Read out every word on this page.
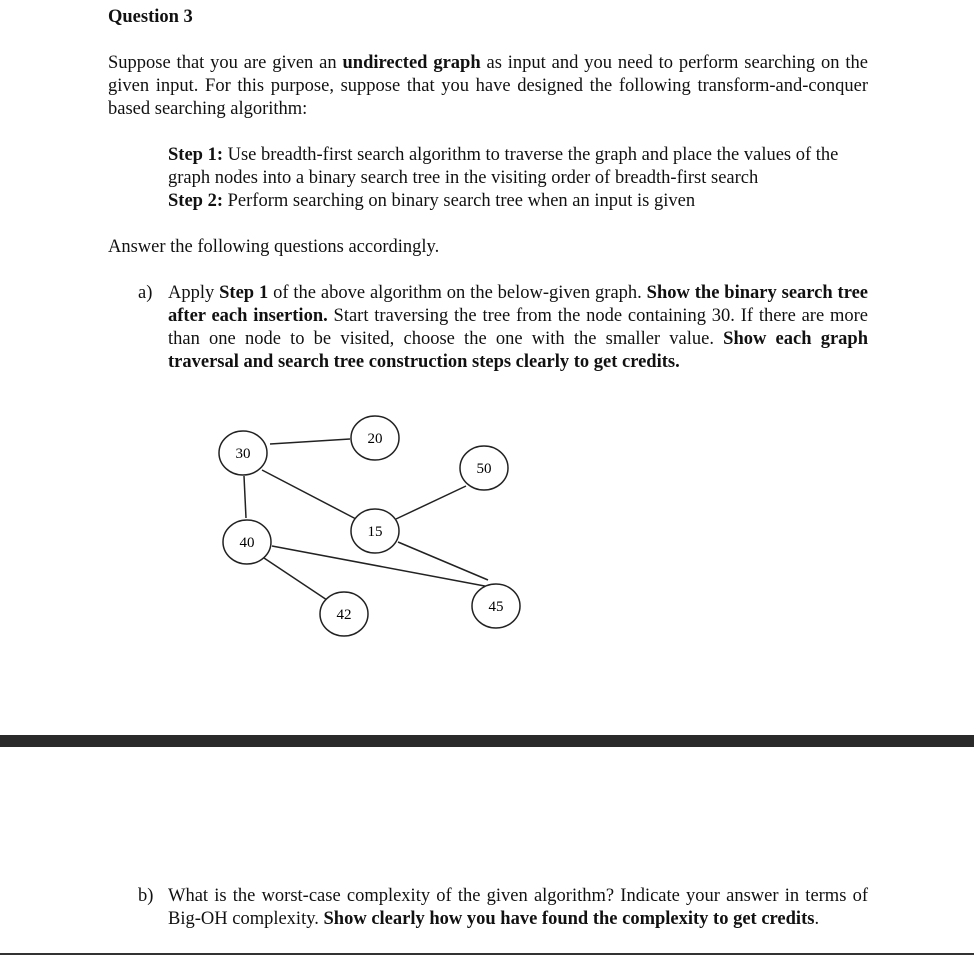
Question 3
Suppose that you are given an undirected graph as input and you need to perform searching on the given input. For this purpose, suppose that you have designed the following transform-and-conquer based searching algorithm:
Step 1: Use breadth-first search algorithm to traverse the graph and place the values of the graph nodes into a binary search tree in the visiting order of breadth-first search
Step 2: Perform searching on binary search tree when an input is given
Answer the following questions accordingly.
a) Apply Step 1 of the above algorithm on the below-given graph. Show the binary search tree after each insertion. Start traversing the tree from the node containing 30. If there are more than one node to be visited, choose the one with the smaller value. Show each graph traversal and search tree construction steps clearly to get credits.
30
20
50
15
40
45
42
b) What is the worst-case complexity of the given algorithm? Indicate your answer in terms of Big-OH complexity. Show clearly how you have found the complexity to get credits.
